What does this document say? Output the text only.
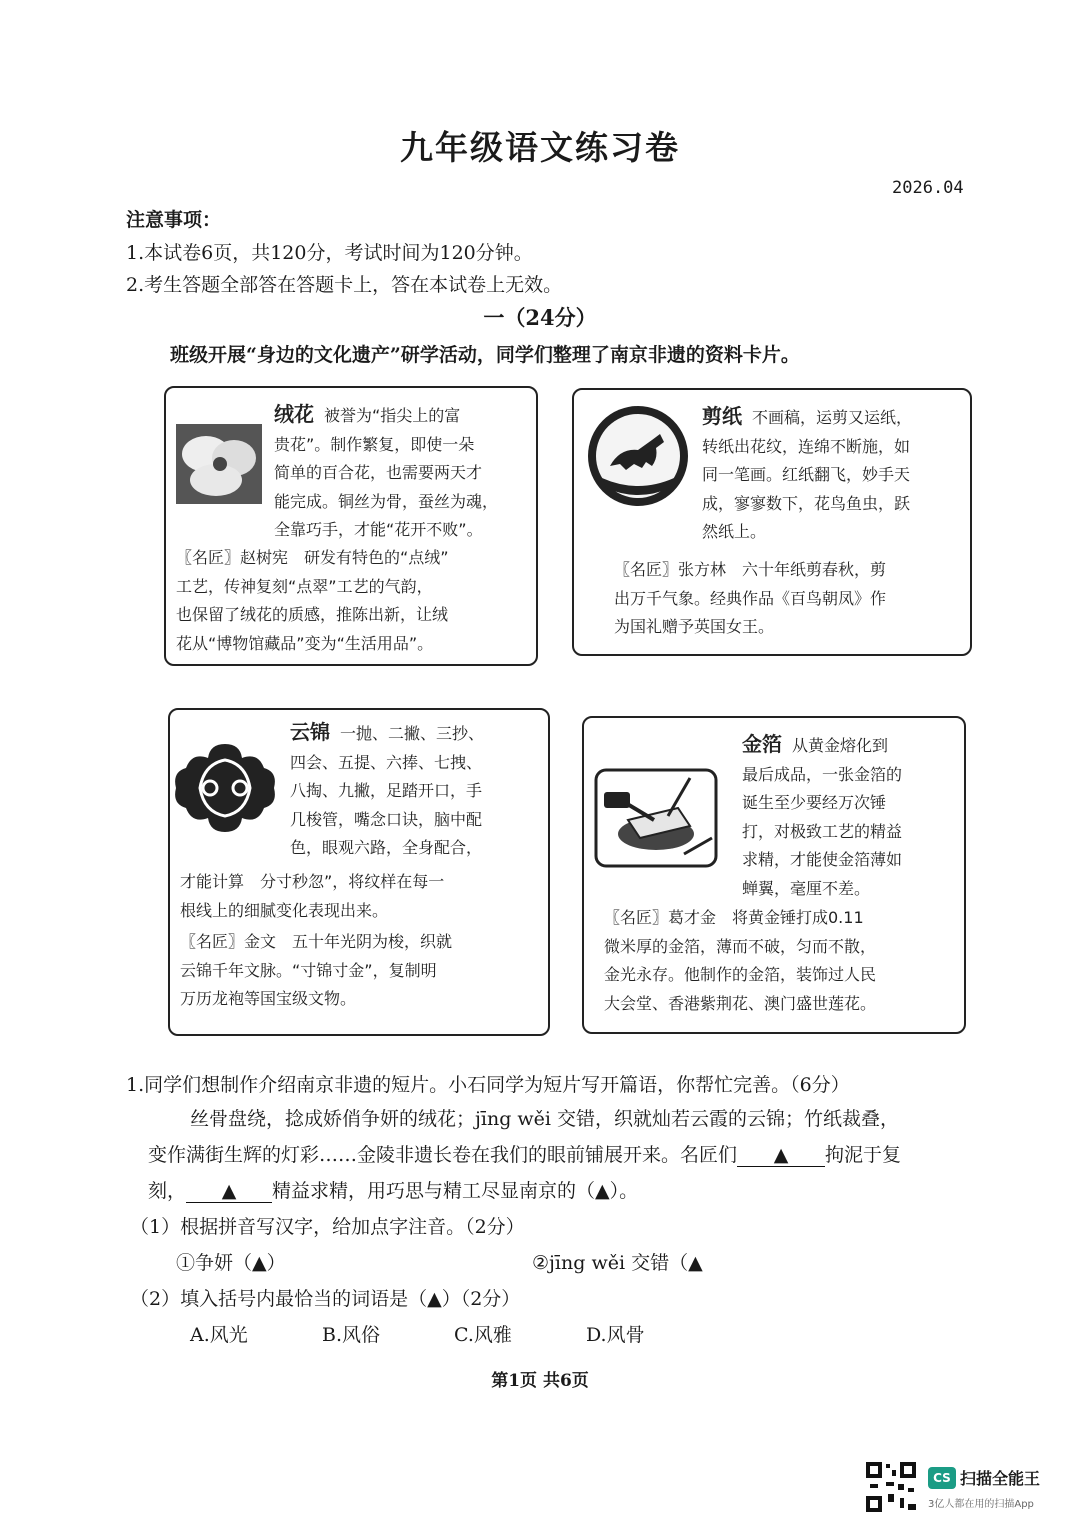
九年级语文练习卷
2026.04
注意事项：
1.本试卷6页，共120分，考试时间为120分钟。
2.考生答题全部答在答题卡上，答在本试卷上无效。
一（24分）
班级开展“身边的文化遗产”研学活动，同学们整理了南京非遗的资料卡片。
绒花 被誉为“指尖上的富
贵花”。制作繁复，即使一朵
简单的百合花，也需要两天才
能完成。铜丝为骨，蚕丝为魂，
全靠巧手，才能“花开不败”。
〖名匠〗赵树宪　研发有特色的“点绒”
工艺，传神复刻“点翠”工艺的气韵，
也保留了绒花的质感，推陈出新，让绒
花从“博物馆藏品”变为“生活用品”。
剪纸 不画稿，运剪又运纸，
转纸出花纹，连绵不断施，如
同一笔画。红纸翻飞，妙手天
成，寥寥数下，花鸟鱼虫，跃
然纸上。
〖名匠〗张方林　六十年纸剪春秋，剪
出万千气象。经典作品《百鸟朝凤》作
为国礼赠予英国女王。
云锦 一抛、二撇、三抄、
四会、五提、六捧、七拽、
八掏、九撇，足踏开口，手
几梭管，嘴念口诀，脑中配
色，眼观六路，全身配合，
才能计算　分寸秒忽”，将纹样在每一
根线上的细腻变化表现出来。
〖名匠〗金文　五十年光阴为梭，织就
云锦千年文脉。“寸锦寸金”，复制明
万历龙袍等国宝级文物。
金箔 从黄金熔化到
最后成品，一张金箔的
诞生至少要经万次锤
打，对极致工艺的精益
求精，才能使金箔薄如
蝉翼，毫厘不差。
〖名匠〗葛才金　将黄金锤打成0.11
微米厚的金箔，薄而不破，匀而不散，
金光永存。他制作的金箔，装饰过人民
大会堂、香港紫荆花、澳门盛世莲花。
1.同学们想制作介绍南京非遗的短片。小石同学为短片写开篇语，你帮忙完善。（6分）
丝骨盘绕，捻成娇俏争妍的绒花；jīng wěi 交错，织就灿若云霞的云锦；竹纸裁叠，
变作满街生辉的灯彩……金陵非遗长卷在我们的眼前铺展开来。名匠们 ▲ 拘泥于复
刻， ▲ 精益求精，用巧思与精工尽显南京的（▲）。
（1）根据拼音写汉字，给加点字注音。（2分）
①争妍（▲）	②jīng wěi 交错（▲
（2）填入括号内最恰当的词语是（▲）（2分）
A.风光	B.风俗	C.风雅	D.风骨
第1页 共6页
CS 扫描全能王
3亿人都在用的扫描App
